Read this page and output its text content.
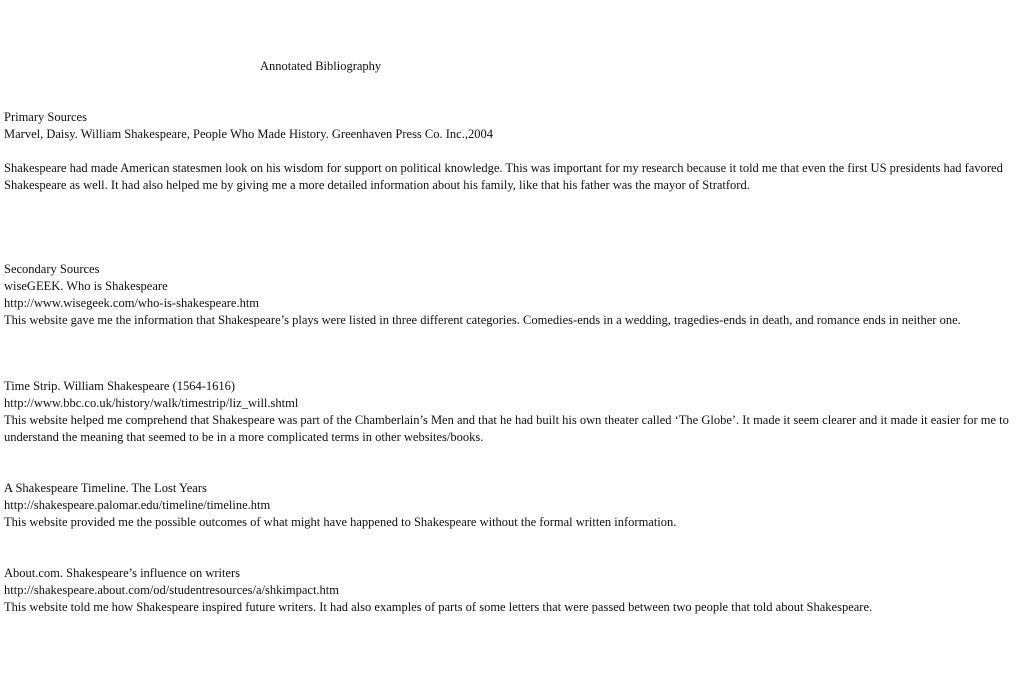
Annotated Bibliography
Primary Sources
Marvel, Daisy. William Shakespeare, People Who Made History. Greenhaven Press Co. Inc.,2004
Shakespeare had made American statesmen look on his wisdom for support on political knowledge. This was important for my research because it told me that even the first US presidents had favored Shakespeare as well. It had also helped me by giving me a more detailed information about his family, like that his father was the mayor of Stratford.
Secondary Sources
wiseGEEK. Who is Shakespeare
http://www.wisegeek.com/who-is-shakespeare.htm
This website gave me the information that Shakespeare’s plays were listed in three different categories. Comedies-ends in a wedding, tragedies-ends in death, and romance ends in neither one.
Time Strip. William Shakespeare (1564-1616)
http://www.bbc.co.uk/history/walk/timestrip/liz_will.shtml
This website helped me comprehend that Shakespeare was part of the Chamberlain’s Men and that he had built his own theater called ‘The Globe’. It made it seem clearer and it made it easier for me to understand the meaning that seemed to be in a more complicated terms in other websites/books.
A Shakespeare Timeline. The Lost Years
http://shakespeare.palomar.edu/timeline/timeline.htm
This website provided me the possible outcomes of what might have happened to Shakespeare without the formal written information.
About.com. Shakespeare’s influence on writers
http://shakespeare.about.com/od/studentresources/a/shkimpact.htm
This website told me how Shakespeare inspired future writers. It had also examples of parts of some letters that were passed between two people that told about Shakespeare.
